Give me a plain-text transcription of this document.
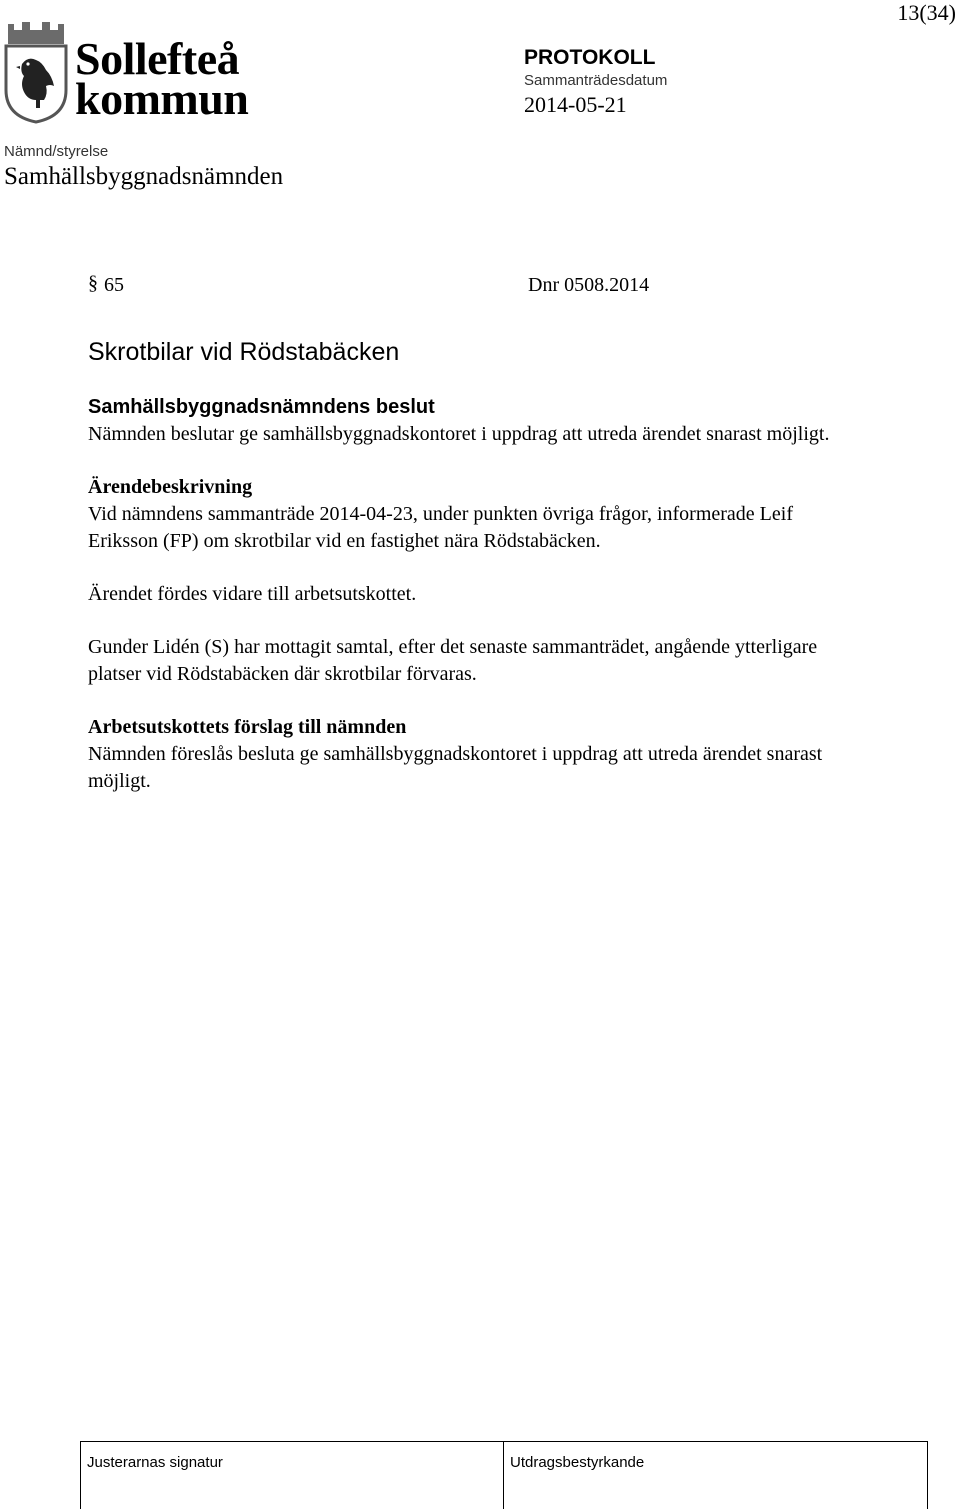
13(34)
Sollefteå
kommun
PROTOKOLL
Sammanträdesdatum
2014-05-21
Nämnd/styrelse
Samhällsbyggnadsnämnden
§ 65	Dnr 0508.2014
Skrotbilar vid Rödstabäcken
Samhällsbyggnadsnämndens beslut

Nämnden beslutar ge samhällsbyggnadskontoret i uppdrag att utreda ärendet snarast möjligt.

Ärendebeskrivning

Vid nämndens sammanträde 2014-04-23, under punkten övriga frågor, informerade Leif

Eriksson (FP) om skrotbilar vid en fastighet nära Rödstabäcken.

Ärendet fördes vidare till arbetsutskottet.

Gunder Lidén (S) har mottagit samtal, efter det senaste sammanträdet, angående ytterligare

platser vid Rödstabäcken där skrotbilar förvaras.

Arbetsutskottets förslag till nämnden

Nämnden föreslås besluta ge samhällsbyggnadskontoret i uppdrag att utreda ärendet snarast

möjligt.

Justerarnas signatur	Utdragsbestyrkande
